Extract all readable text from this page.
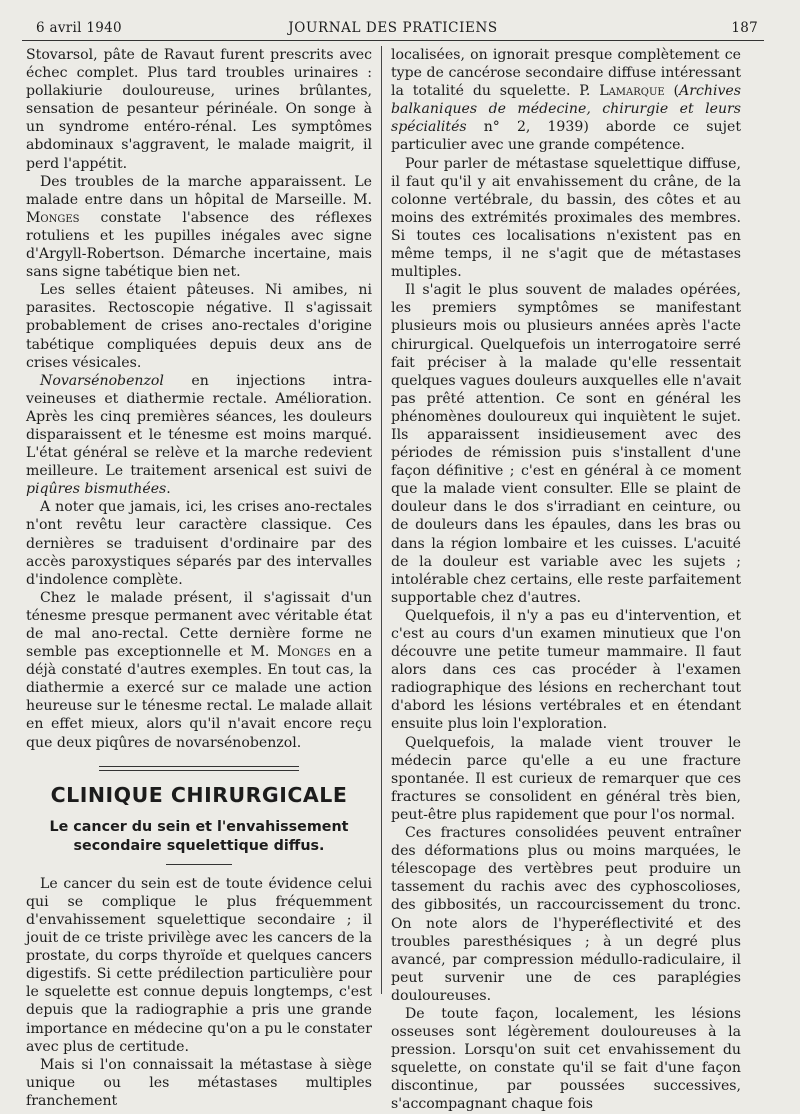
6 avril 1940	JOURNAL DES PRATICIENS	187

Stovarsol, pâte de Ravaut furent prescrits avec échec complet. Plus tard troubles urinaires : pollakiurie douloureuse, urines brûlantes, sensation de pesanteur périnéale. On songe à un syndrome entéro-rénal. Les symptômes abdominaux s'aggravent, le malade maigrit, il perd l'appétit.

Des troubles de la marche apparaissent. Le malade entre dans un hôpital de Marseille. M. Monges constate l'absence des réflexes rotuliens et les pupilles inégales avec signe d'Argyll-Robertson. Démarche incertaine, mais sans signe tabétique bien net.

Les selles étaient pâteuses. Ni amibes, ni parasites. Rectoscopie négative. Il s'agissait probablement de crises ano-rectales d'origine tabétique compliquées depuis deux ans de crises vésicales.

Novarsénobenzol en injections intra-veineuses et diathermie rectale. Amélioration. Après les cinq premières séances, les douleurs disparaissent et le ténesme est moins marqué. L'état général se relève et la marche redevient meilleure. Le traitement arsenical est suivi de piqûres bismuthées.

A noter que jamais, ici, les crises ano-rectales n'ont revêtu leur caractère classique. Ces dernières se traduisent d'ordinaire par des accès paroxystiques séparés par des intervalles d'indolence complète.

Chez le malade présent, il s'agissait d'un ténesme presque permanent avec véritable état de mal ano-rectal. Cette dernière forme ne semble pas exceptionnelle et M. Monges en a déjà constaté d'autres exemples. En tout cas, la diathermie a exercé sur ce malade une action heureuse sur le ténesme rectal. Le malade allait en effet mieux, alors qu'il n'avait encore reçu que deux piqûres de novarsénobenzol.

CLINIQUE CHIRURGICALE
Le cancer du sein et l'envahissement
secondaire squelettique diffus.

Le cancer du sein est de toute évidence celui qui se complique le plus fréquemment d'envahissement squelettique secondaire ; il jouit de ce triste privilège avec les cancers de la prostate, du corps thyroïde et quelques cancers digestifs. Si cette prédilection particulière pour le squelette est connue depuis longtemps, c'est depuis que la radiographie a pris une grande importance en médecine qu'on a pu le constater avec plus de certitude.

Mais si l'on connaissait la métastase à siège unique ou les métastases multiples franchement

localisées, on ignorait presque complètement ce type de cancérose secondaire diffuse intéressant la totalité du squelette. P. Lamarque (Archives balkaniques de médecine, chirurgie et leurs spécialités n° 2, 1939) aborde ce sujet particulier avec une grande compétence.

Pour parler de métastase squelettique diffuse, il faut qu'il y ait envahissement du crâne, de la colonne vertébrale, du bassin, des côtes et au moins des extrémités proximales des membres. Si toutes ces localisations n'existent pas en même temps, il ne s'agit que de métastases multiples.

Il s'agit le plus souvent de malades opérées, les premiers symptômes se manifestant plusieurs mois ou plusieurs années après l'acte chirurgical. Quelquefois un interrogatoire serré fait préciser à la malade qu'elle ressentait quelques vagues douleurs auxquelles elle n'avait pas prêté attention. Ce sont en général les phénomènes douloureux qui inquiètent le sujet. Ils apparaissent insidieusement avec des périodes de rémission puis s'installent d'une façon définitive ; c'est en général à ce moment que la malade vient consulter. Elle se plaint de douleur dans le dos s'irradiant en ceinture, ou de douleurs dans les épaules, dans les bras ou dans la région lombaire et les cuisses. L'acuité de la douleur est variable avec les sujets ; intolérable chez certains, elle reste parfaitement supportable chez d'autres.

Quelquefois, il n'y a pas eu d'intervention, et c'est au cours d'un examen minutieux que l'on découvre une petite tumeur mammaire. Il faut alors dans ces cas procéder à l'examen radiographique des lésions en recherchant tout d'abord les lésions vertébrales et en étendant ensuite plus loin l'exploration.

Quelquefois, la malade vient trouver le médecin parce qu'elle a eu une fracture spontanée. Il est curieux de remarquer que ces fractures se consolident en général très bien, peut-être plus rapidement que pour l'os normal.

Ces fractures consolidées peuvent entraîner des déformations plus ou moins marquées, le télescopage des vertèbres peut produire un tassement du rachis avec des cyphoscolioses, des gibbosités, un raccourcissement du tronc. On note alors de l'hyperéflectivité et des troubles paresthésiques ; à un degré plus avancé, par compression médullo-radiculaire, il peut survenir une de ces paraplégies douloureuses.

De toute façon, localement, les lésions osseuses sont légèrement douloureuses à la pression. Lorsqu'on suit cet envahissement du squelette, on constate qu'il se fait d'une façon discontinue, par poussées successives, s'accompagnant chaque fois
